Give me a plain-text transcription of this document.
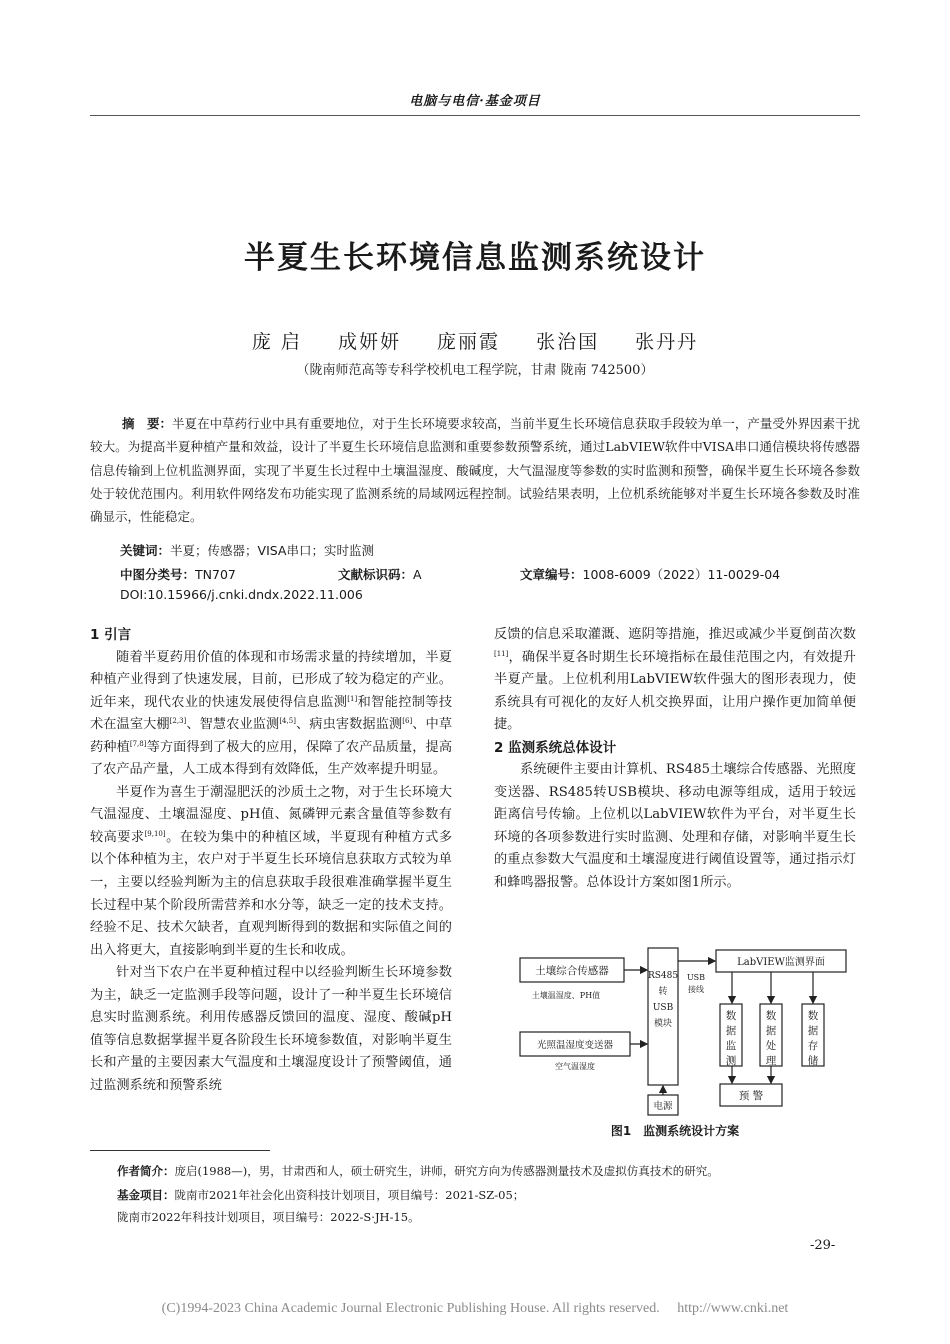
电脑与电信·基金项目
半夏生长环境信息监测系统设计
庞 启 成妍妍 庞丽霞 张治国 张丹丹
（陇南师范高等专科学校机电工程学院，甘肃 陇南 742500）
摘　要：半夏在中草药行业中具有重要地位，对于生长环境要求较高，当前半夏生长环境信息获取手段较为单一，产量受外界因素干扰较大。为提高半夏种植产量和效益，设计了半夏生长环境信息监测和重要参数预警系统，通过LabVIEW软件中VISA串口通信模块将传感器信息传输到上位机监测界面，实现了半夏生长过程中土壤温湿度、酸碱度，大气温湿度等参数的实时监测和预警，确保半夏生长环境各参数处于较优范围内。利用软件网络发布功能实现了监测系统的局域网远程控制。试验结果表明，上位机系统能够对半夏生长环境各参数及时准确显示，性能稳定。
关键词：半夏；传感器；VISA串口；实时监测
中图分类号：TN707	文献标识码：A	文章编号：1008-6009（2022）11-0029-04
DOI:10.15966/j.cnki.dndx.2022.11.006
1 引言

随着半夏药用价值的体现和市场需求量的持续增加，半夏种植产业得到了快速发展，目前，已形成了较为稳定的产业。近年来，现代农业的快速发展使得信息监测[1]和智能控制等技术在温室大棚[2,3]、智慧农业监测[4,5]、病虫害数据监测[6]、中草药种植[7,8]等方面得到了极大的应用，保障了农产品质量，提高了农产品产量，人工成本得到有效降低，生产效率提升明显。

半夏作为喜生于潮湿肥沃的沙质土之物，对于生长环境大气温湿度、土壤温湿度、pH值、氮磷钾元素含量值等参数有较高要求[9,10]。在较为集中的种植区域，半夏现有种植方式多以个体种植为主，农户对于半夏生长环境信息获取方式较为单一，主要以经验判断为主的信息获取手段很难准确掌握半夏生长过程中某个阶段所需营养和水分等，缺乏一定的技术支持。经验不足、技术欠缺者，直观判断得到的数据和实际值之间的出入将更大，直接影响到半夏的生长和收成。

针对当下农户在半夏种植过程中以经验判断生长环境参数为主，缺乏一定监测手段等问题，设计了一种半夏生长环境信息实时监测系统。利用传感器反馈回的温度、湿度、酸碱pH值等信息数据掌握半夏各阶段生长环境参数值，对影响半夏生长和产量的主要因素大气温度和土壤湿度设计了预警阈值，通过监测系统和预警系统

反馈的信息采取灌溉、遮阴等措施，推迟或减少半夏倒苗次数[11]，确保半夏各时期生长环境指标在最佳范围之内，有效提升半夏产量。上位机利用LabVIEW软件强大的图形表现力，使系统具有可视化的友好人机交换界面，让用户操作更加简单便捷。

2 监测系统总体设计

系统硬件主要由计算机、RS485土壤综合传感器、光照度变送器、RS485转USB模块、移动电源等组成，适用于较远距离信号传输。上位机以LabVIEW软件为平台，对半夏生长环境的各项参数进行实时监测、处理和存储，对影响半夏生长的重点参数大气温度和土壤湿度进行阈值设置等，通过指示灯和蜂鸣器报警。总体设计方案如图1所示。

土壤综合传感器
土壤温湿度、PH值
光照温湿度变送器
空气温湿度
RS485
转
USB
模块
USB
接线
LabVIEW监测界面
数
据
监
测
数
据
处
理
数
据
存
储
预 警
电源
图1　监测系统设计方案
作者简介：庞启(1988—)，男，甘肃西和人，硕士研究生，讲师，研究方向为传感器测量技术及虚拟仿真技术的研究。
基金项目：陇南市2021年社会化出资科技计划项目，项目编号：2021-SZ-05；
陇南市2022年科技计划项目，项目编号：2022-S·JH-15。
-29-
(C)1994-2023 China Academic Journal Electronic Publishing House. All rights reserved.　 http://www.cnki.net
